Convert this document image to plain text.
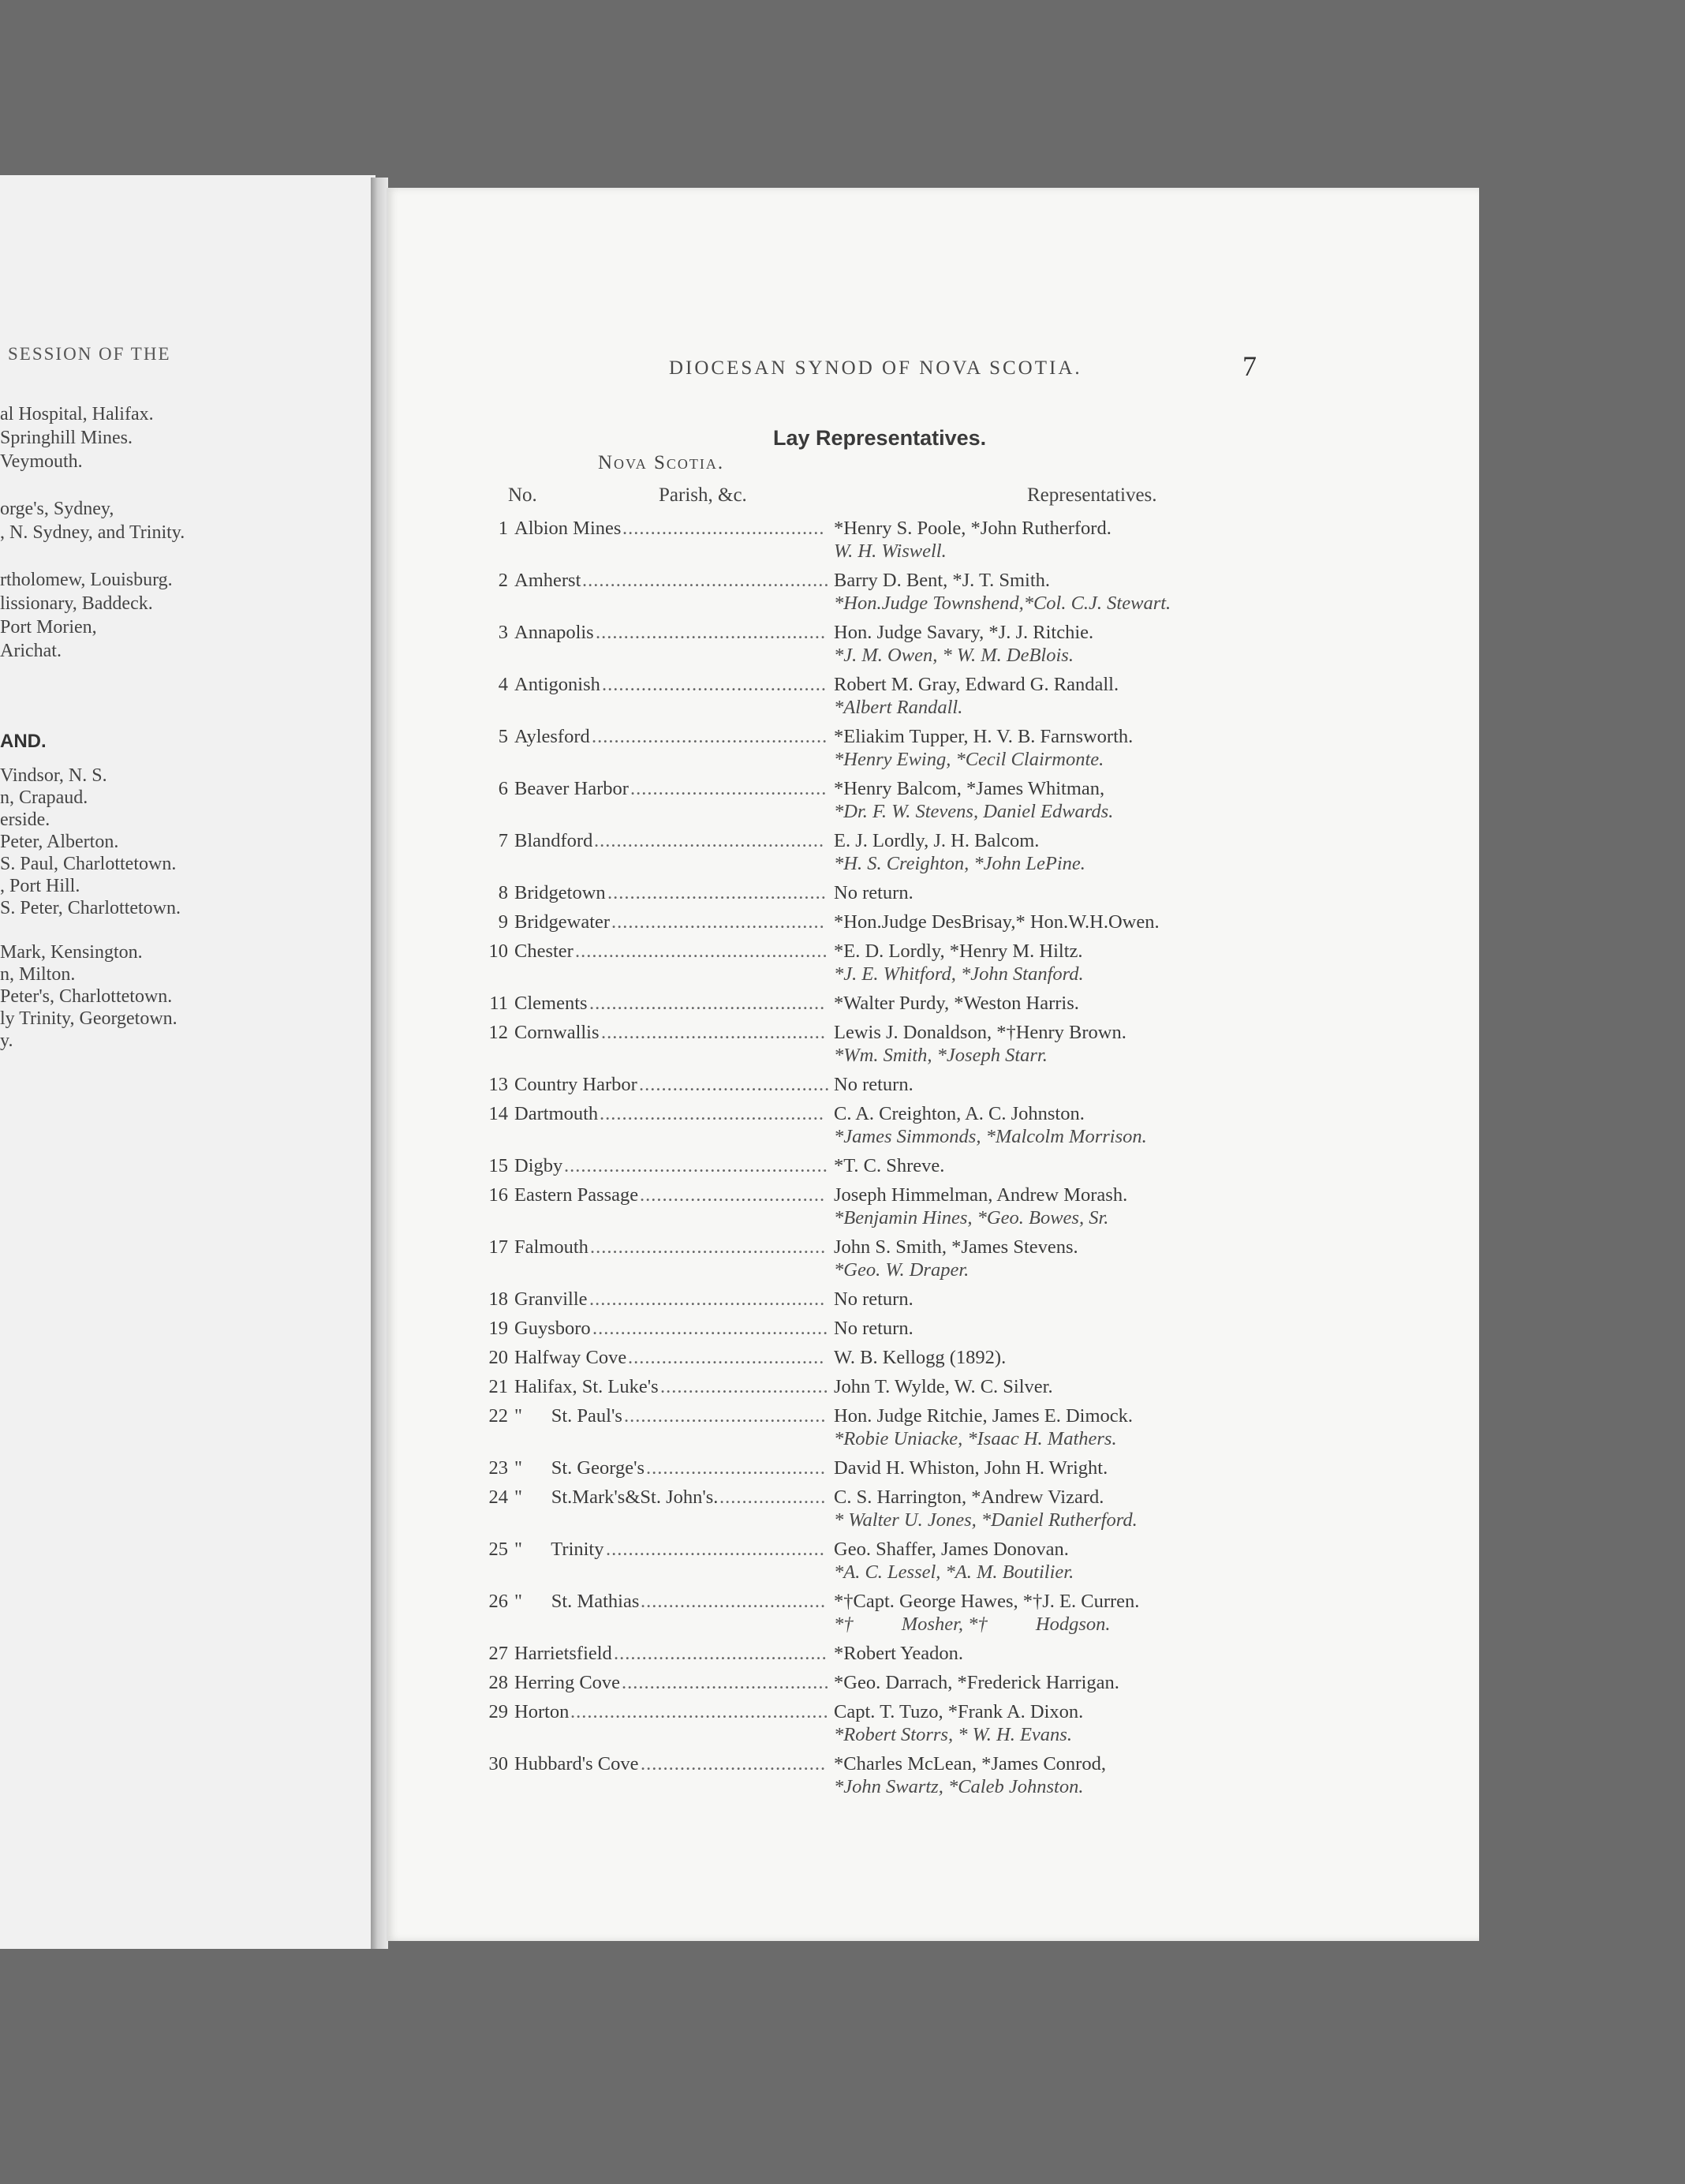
SESSION OF THE
al Hospital, Halifax.
Springhill Mines.
Veymouth.
orge's, Sydney,
, N. Sydney, and Trinity.
rtholomew, Louisburg.
lissionary, Baddeck.
Port Morien,
Arichat.
AND.
Vindsor, N. S.
n, Crapaud.
erside.
Peter, Alberton.
S. Paul, Charlottetown.
, Port Hill.
S. Peter, Charlottetown.
Mark, Kensington.
n, Milton.
Peter's, Charlottetown.
ly Trinity, Georgetown.
y.
DIOCESAN SYNOD OF NOVA SCOTIA.	7
Lay Representatives.
Nova Scotia.
No.	Parish, &c.	Representatives.
1 Albion Mines .................................... *Henry S. Poole, *John Rutherford.
W. H. Wiswell.
2 Amherst ............................................ Barry D. Bent, *J. T. Smith.
*Hon.Judge Townshend,*Col. C.J. Stewart.
3 Annapolis ......................................... Hon. Judge Savary, *J. J. Ritchie.
*J. M. Owen, * W. M. DeBlois.
4 Antigonish ........................................ Robert M. Gray, Edward G. Randall.
*Albert Randall.
5 Aylesford .......................................... *Eliakim Tupper, H. V. B. Farnsworth.
*Henry Ewing, *Cecil Clairmonte.
6 Beaver Harbor ................................... *Henry Balcom, *James Whitman,
*Dr. F. W. Stevens, Daniel Edwards.
7 Blandford ......................................... E. J. Lordly, J. H. Balcom.
*H. S. Creighton, *John LePine.
8 Bridgetown ....................................... No return.
9 Bridgewater ...................................... *Hon.Judge DesBrisay,* Hon.W.H.Owen.
10 Chester ............................................. *E. D. Lordly, *Henry M. Hiltz.
*J. E. Whitford, *John Stanford.
11 Clements .......................................... *Walter Purdy, *Weston Harris.
12 Cornwallis ........................................ Lewis J. Donaldson, *†Henry Brown.
*Wm. Smith, *Joseph Starr.
13 Country Harbor .................................. No return.
14 Dartmouth ........................................ C. A. Creighton, A. C. Johnston.
*James Simmonds, *Malcolm Morrison.
15 Digby ............................................... *T. C. Shreve.
16 Eastern Passage ................................. Joseph Himmelman, Andrew Morash.
*Benjamin Hines, *Geo. Bowes, Sr.
17 Falmouth .......................................... John S. Smith, *James Stevens.
*Geo. W. Draper.
18 Granville .......................................... No return.
19 Guysboro .......................................... No return.
20 Halfway Cove ................................... W. B. Kellogg (1892).
21 Halifax, St. Luke's .............................. John T. Wylde, W. C. Silver.
22 "      St. Paul's .................................... Hon. Judge Ritchie, James E. Dimock.
*Robie Uniacke, *Isaac H. Mathers.
23 "      St. George's ................................ David H. Whiston, John H. Wright.
24 "      St.Mark's&St. John's. ................... C. S. Harrington, *Andrew Vizard.
* Walter U. Jones, *Daniel Rutherford.
25 "      Trinity ....................................... Geo. Shaffer, James Donovan.
*A. C. Lessel, *A. M. Boutilier.
26 "      St. Mathias ................................. *†Capt. George Hawes, *†J. E. Curren.
*†          Mosher, *†          Hodgson.
27 Harrietsfield ...................................... *Robert Yeadon.
28 Herring Cove ..................................... *Geo. Darrach, *Frederick Harrigan.
29 Horton .............................................. Capt. T. Tuzo, *Frank A. Dixon.
*Robert Storrs, * W. H. Evans.
30 Hubbard's Cove ................................. *Charles McLean, *James Conrod,
*John Swartz, *Caleb Johnston.
